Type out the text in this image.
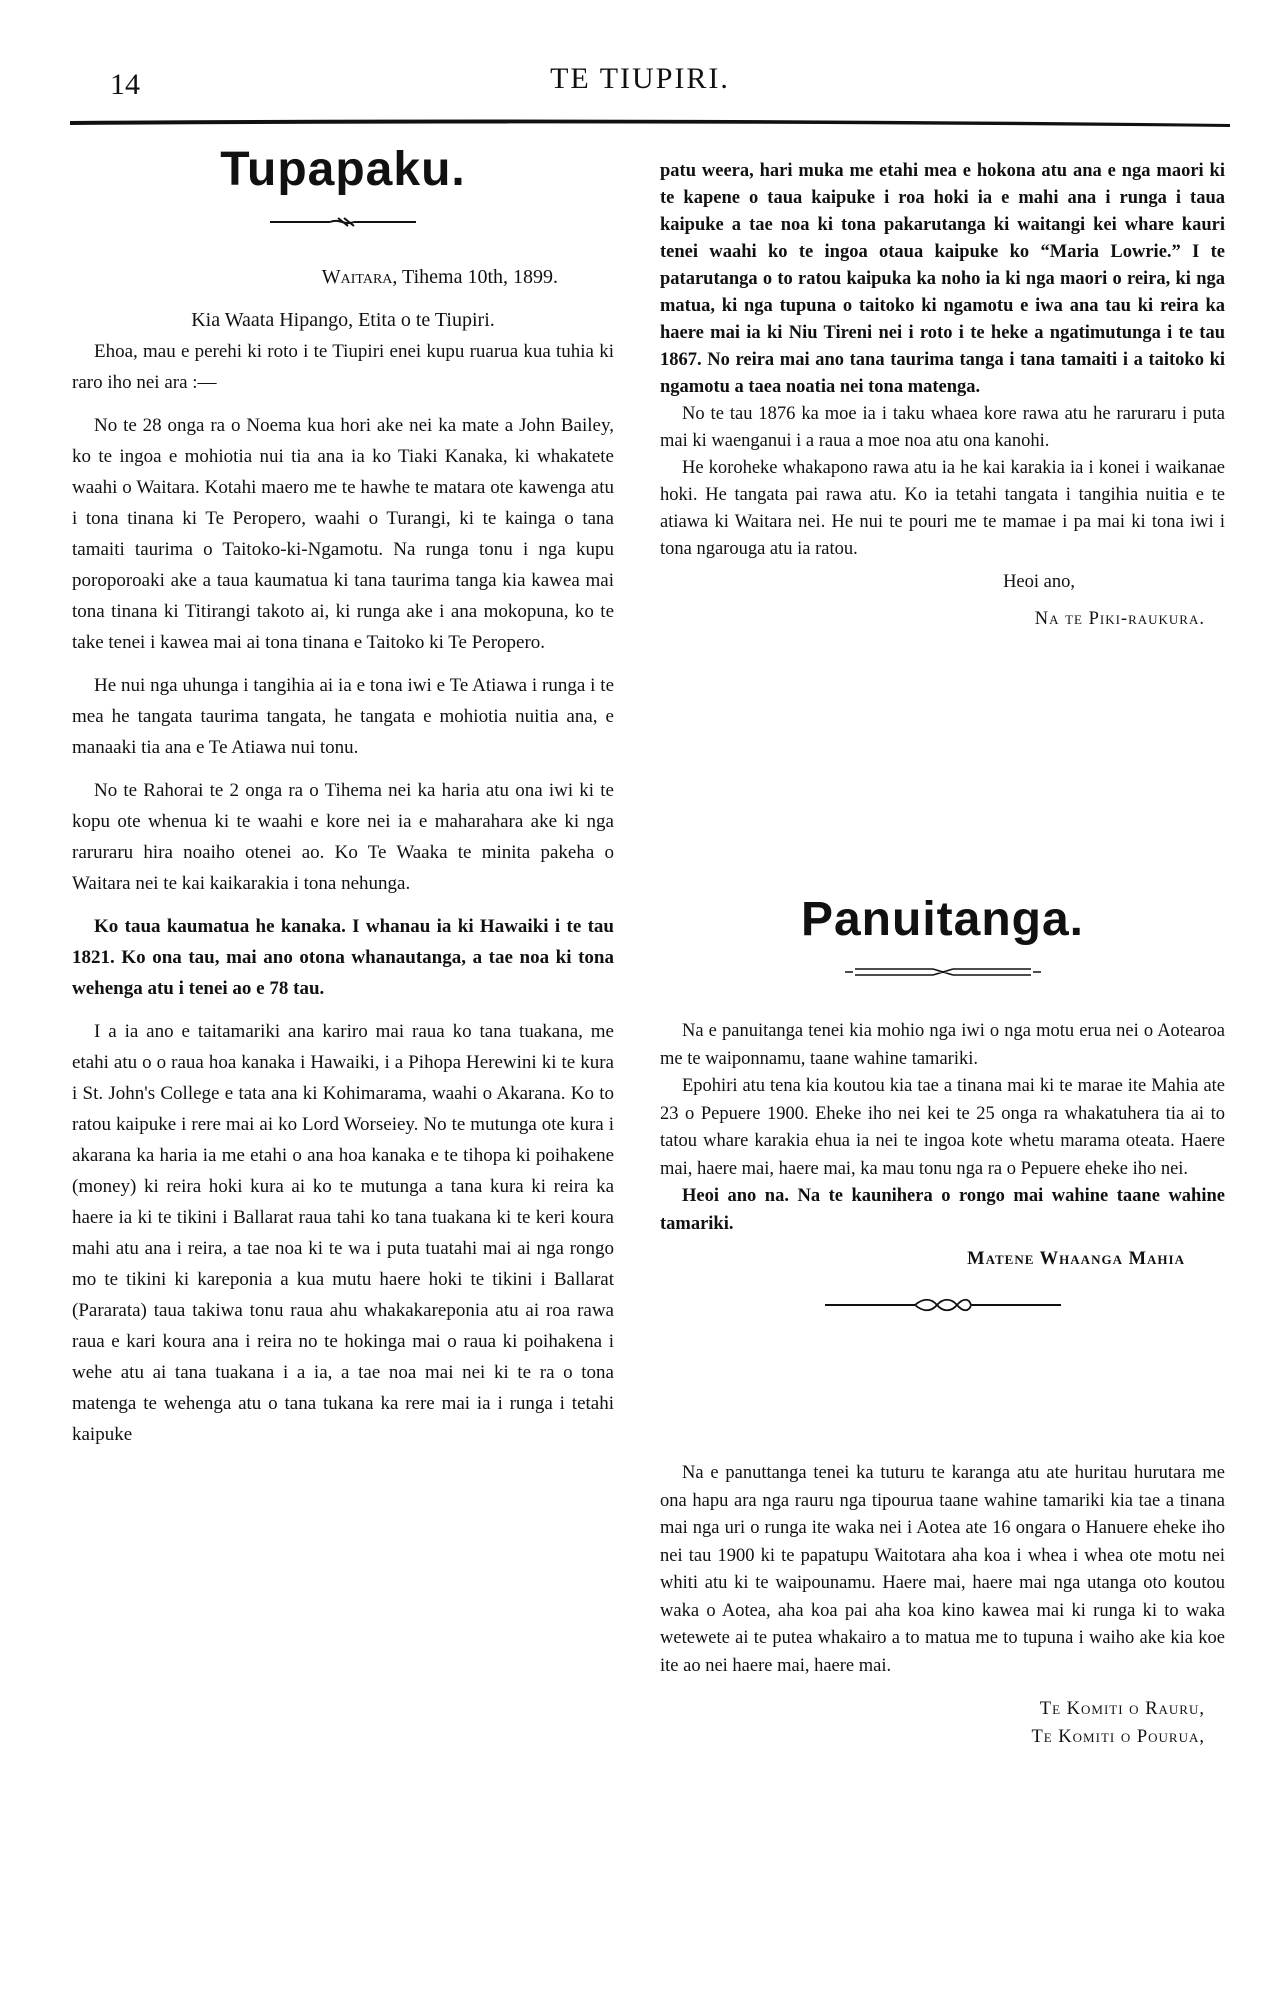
14	TE TIUPIRI.
Tupapaku.
Waitara, Tihema 10th, 1899.
Kia Waata Hipango, Etita o te Tiupiri.

Ehoa, mau e perehi ki roto i te Tiupiri enei kupu ruarua kua tuhia ki raro iho nei ara :—

No te 28 onga ra o Noema kua hori ake nei ka mate a John Bailey, ko te ingoa e mohiotia nui tia ana ia ko Tiaki Kanaka, ki whakatete waahi o Waitara. Kotahi maero me te hawhe te matara ote kawenga atu i tona tinana ki Te Peropero, waahi o Turangi, ki te kainga o tana tamaiti taurima o Taitoko-ki-Ngamotu. Na runga tonu i nga kupu poroporoaki ake a taua kaumatua ki tana taurima tanga kia kawea mai tona tinana ki Titirangi takoto ai, ki runga ake i ana mokopuna, ko te take tenei i kawea mai ai tona tinana e Taitoko ki Te Peropero.

He nui nga uhunga i tangihia ai ia e tona iwi e Te Atiawa i runga i te mea he tangata taurima tangata, he tangata e mohiotia nuitia ana, e manaaki tia ana e Te Atiawa nui tonu.

No te Rahorai te 2 onga ra o Tihema nei ka haria atu ona iwi ki te kopu ote whenua ki te waahi e kore nei ia e maharahara ake ki nga raruraru hira noaiho otenei ao. Ko Te Waaka te minita pakeha o Waitara nei te kai kaikarakia i tona nehunga.

Ko taua kaumatua he kanaka. I whanau ia ki Hawaiki i te tau 1821. Ko ona tau, mai ano otona whanautanga, a tae noa ki tona wehenga atu i tenei ao e 78 tau.

I a ia ano e taitamariki ana kariro mai raua ko tana tuakana, me etahi atu o o raua hoa kanaka i Hawaiki, i a Pihopa Herewini ki te kura i St. John's College e tata ana ki Kohimarama, waahi o Akarana. Ko to ratou kaipuke i rere mai ai ko Lord Worseiey. No te mutunga ote kura i akarana ka haria ia me etahi o ana hoa kanaka e te tihopa ki poihakene (money) ki reira hoki kura ai ko te mutunga a tana kura ki reira ka haere ia ki te tikini i Ballarat raua tahi ko tana tuakana ki te keri koura mahi atu ana i reira, a tae noa ki te wa i puta tuatahi mai ai nga rongo mo te tikini ki kareponia a kua mutu haere hoki te tikini i Ballarat (Pararata) taua takiwa tonu raua ahu whakakareponia atu ai roa rawa raua e kari koura ana i reira no te hokinga mai o raua ki poihakena i wehe atu ai tana tuakana i a ia, a tae noa mai nei ki te ra o tona matenga te wehenga atu o tana tukana ka rere mai ia i runga i tetahi kaipuke

patu weera, hari muka me etahi mea e hokona atu ana e nga maori ki te kapene o taua kaipuke i roa hoki ia e mahi ana i runga i taua kaipuke a tae noa ki tona pakarutanga ki waitangi kei whare kauri tenei waahi ko te ingoa otaua kaipuke ko “Maria Lowrie.” I te patarutanga o to ratou kaipuka ka noho ia ki nga maori o reira, ki nga matua, ki nga tupuna o taitoko ki ngamotu e iwa ana tau ki reira ka haere mai ia ki Niu Tireni nei i roto i te heke a ngatimutunga i te tau 1867. No reira mai ano tana taurima tanga i tana tamaiti i a taitoko ki ngamotu a taea noatia nei tona matenga.

No te tau 1876 ka moe ia i taku whaea kore rawa atu he raruraru i puta mai ki waenganui i a raua a moe noa atu ona kanohi.

He koroheke whakapono rawa atu ia he kai karakia ia i konei i waikanae hoki. He tangata pai rawa atu. Ko ia tetahi tangata i tangihia nuitia e te atiawa ki Waitara nei. He nui te pouri me te mamae i pa mai ki tona iwi i tona ngarouga atu ia ratou.

Heoi ano,

Na te Piki-raukura.

Panuitanga.

Na e panuitanga tenei kia mohio nga iwi o nga motu erua nei o Aotearoa me te waiponnamu, taane wahine tamariki.

Epohiri atu tena kia koutou kia tae a tinana mai ki te marae ite Mahia ate 23 o Pepuere 1900. Eheke iho nei kei te 25 onga ra whakatuhera tia ai to tatou whare karakia ehua ia nei te ingoa kote whetu marama oteata. Haere mai, haere mai, haere mai, ka mau tonu nga ra o Pepuere eheke iho nei.

Heoi ano na. Na te kaunihera o rongo mai wahine taane wahine tamariki.

Matene Whaanga Mahia

Na e panuttanga tenei ka tuturu te karanga atu ate huritau hurutara me ona hapu ara nga rauru nga tipourua taane wahine tamariki kia tae a tinana mai nga uri o runga ite waka nei i Aotea ate 16 ongara o Hanuere eheke iho nei tau 1900 ki te papatupu Waitotara aha koa i whea i whea ote motu nei whiti atu ki te waipounamu. Haere mai, haere mai nga utanga oto koutou waka o Aotea, aha koa pai aha koa kino kawea mai ki runga ki to waka wetewete ai te putea whakairo a to matua me to tupuna i waiho ake kia koe ite ao nei haere mai, haere mai.

Te Komiti o Rauru,

Te Komiti o Pourua,
